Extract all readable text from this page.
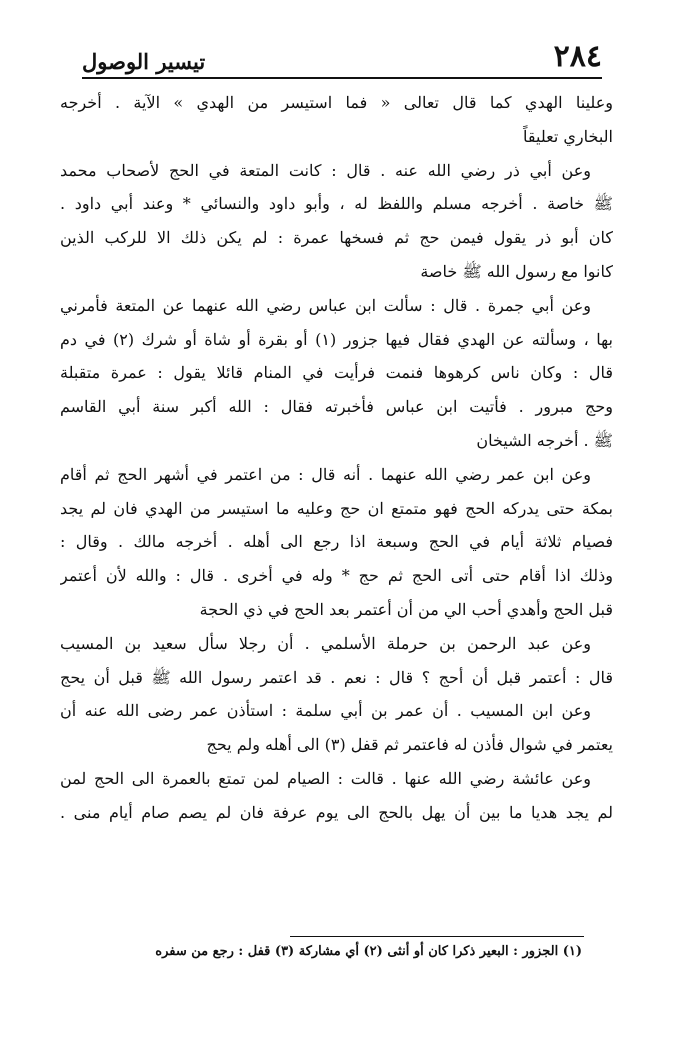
٢٨٤
تيسير الوصول
وعلينا الهدي كما قال تعالى « فما استيسر من الهدي » الآية . أخرجه
البخاري تعليقاً
وعن أبي ذر رضي الله عنه . قال : كانت المتعة في الحج لأصحاب محمد
ﷺ خاصة . أخرجه مسلم واللفظ له ، وأبو داود والنسائي * وعند أبي داود .
كان أبو ذر يقول فيمن حج ثم فسخها عمرة : لم يكن ذلك الا للركب الذين
كانوا مع رسول الله ﷺ خاصة
وعن أبي جمرة . قال : سألت ابن عباس رضي الله عنهما عن المتعة فأمرني
بها ، وسألته عن الهدي فقال فيها جزور (١) أو بقرة أو شاة أو شرك (٢) في دم
قال : وكان ناس كرهوها فنمت فرأيت في المنام قائلا يقول : عمرة متقبلة
وحج مبرور . فأتيت ابن عباس فأخبرته فقال : الله أكبر سنة أبي القاسم
ﷺ . أخرجه الشيخان
وعن ابن عمر رضي الله عنهما . أنه قال : من اعتمر في أشهر الحج ثم أقام
بمكة حتى يدركه الحج فهو متمتع ان حج وعليه ما استيسر من الهدي فان لم يجد
فصيام ثلاثة أيام في الحج وسبعة اذا رجع الى أهله . أخرجه مالك . وقال :
وذلك اذا أقام حتى أتى الحج ثم حج * وله في أخرى . قال : والله لأن أعتمر
قبل الحج وأهدي أحب الي من أن أعتمر بعد الحج في ذي الحجة
وعن عبد الرحمن بن حرملة الأسلمي . أن رجلا سأل سعيد بن المسيب
قال : أعتمر قبل أن أحج ؟ قال : نعم . قد اعتمر رسول الله ﷺ قبل أن يحج
وعن ابن المسيب . أن عمر بن أبي سلمة : استأذن عمر رضى الله عنه أن
يعتمر في شوال فأذن له فاعتمر ثم قفل (٣) الى أهله ولم يحج
وعن عائشة رضي الله عنها . قالت : الصيام لمن تمتع بالعمرة الى الحج لمن
لم يجد هديا ما بين أن يهل بالحج الى يوم عرفة فان لم يصم صام أيام منى .
(١) الجزور : البعير ذكرا كان أو أنثى (٢) أي مشاركة (٣) قفل : رجع من سفره
